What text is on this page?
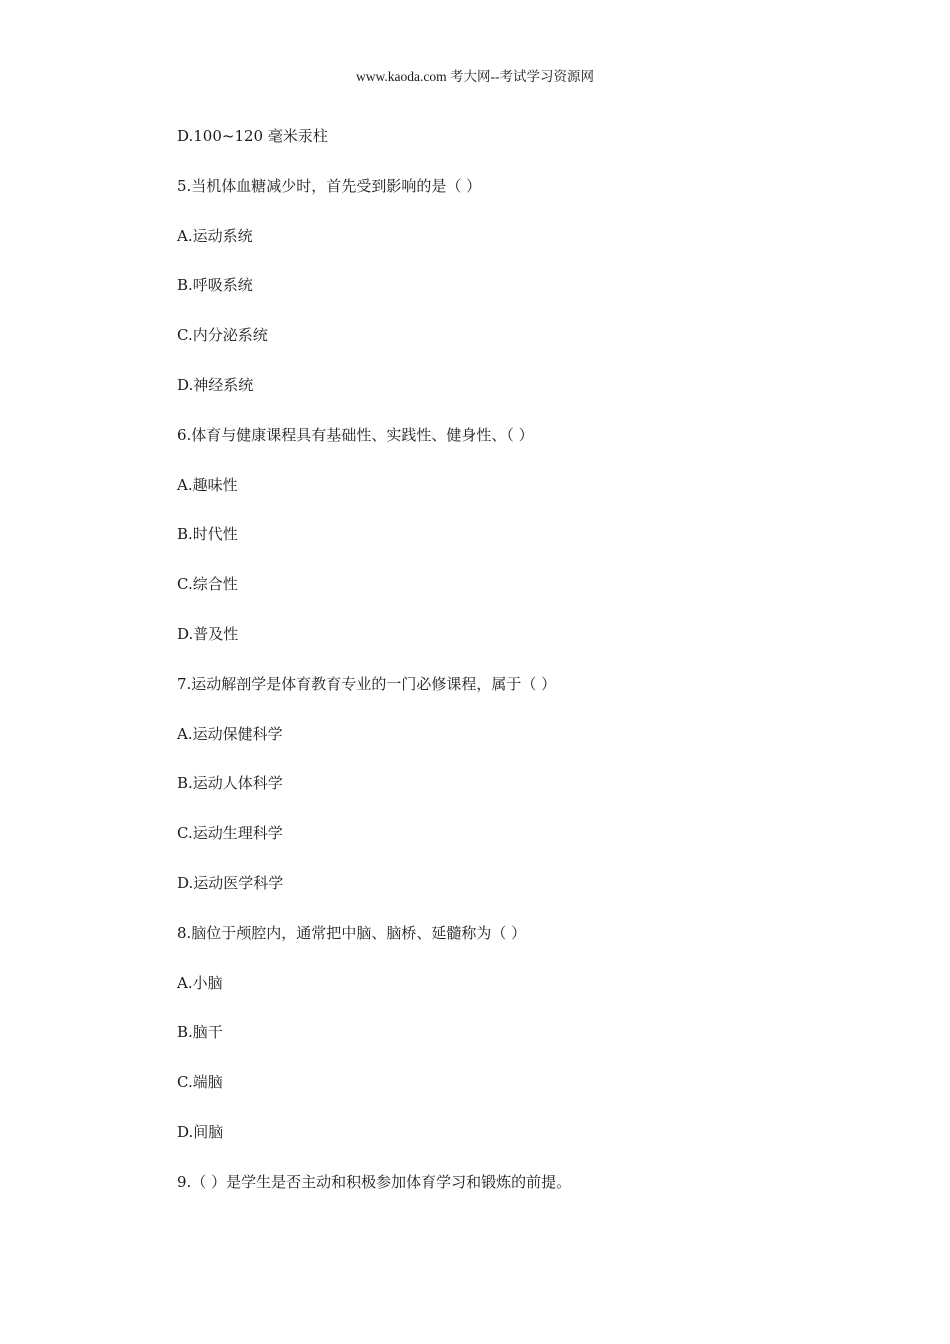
www.kaoda.com 考大网--考试学习资源网
D.100~120 毫米汞柱
5.当机体血糖减少时，首先受到影响的是（ ）
A.运动系统
B.呼吸系统
C.内分泌系统
D.神经系统
6.体育与健康课程具有基础性、实践性、健身性、（ ）
A.趣味性
B.时代性
C.综合性
D.普及性
7.运动解剖学是体育教育专业的一门必修课程，属于（ ）
A.运动保健科学
B.运动人体科学
C.运动生理科学
D.运动医学科学
8.脑位于颅腔内，通常把中脑、脑桥、延髓称为（ ）
A.小脑
B.脑干
C.端脑
D.间脑
9.（ ）是学生是否主动和积极参加体育学习和锻炼的前提。
